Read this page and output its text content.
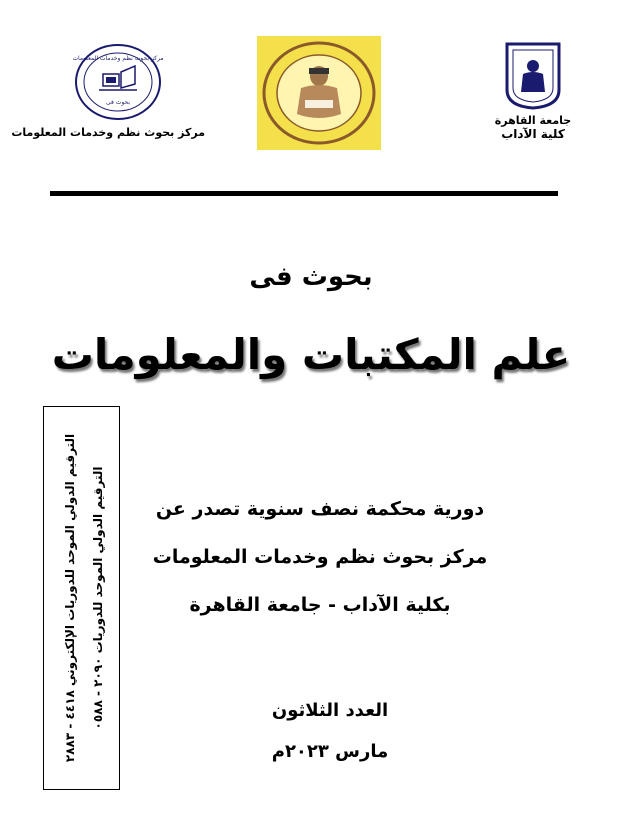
مركز بحوث نظم وخدمات المعلومات
بحوث فى
مركز بحوث نظم وخدمات المعلومات
جامعة القاهرة
كلية الآداب
بحوث فى
علم المكتبات والمعلومات
الترقيم الدولي الموحد للدوريات ٢٠٩٠ - ٠٥٨٨
الترقيم الدولي الموحد للدوريات الإلكتروني ٤٤١٨ - ٢٨٨٣	دورية محكمة نصف سنوية تصدر عن
مركز بحوث نظم وخدمات المعلومات
بكلية الآداب - جامعة القاهرة
العدد الثلاثون
مارس ٢٠٢٣م
